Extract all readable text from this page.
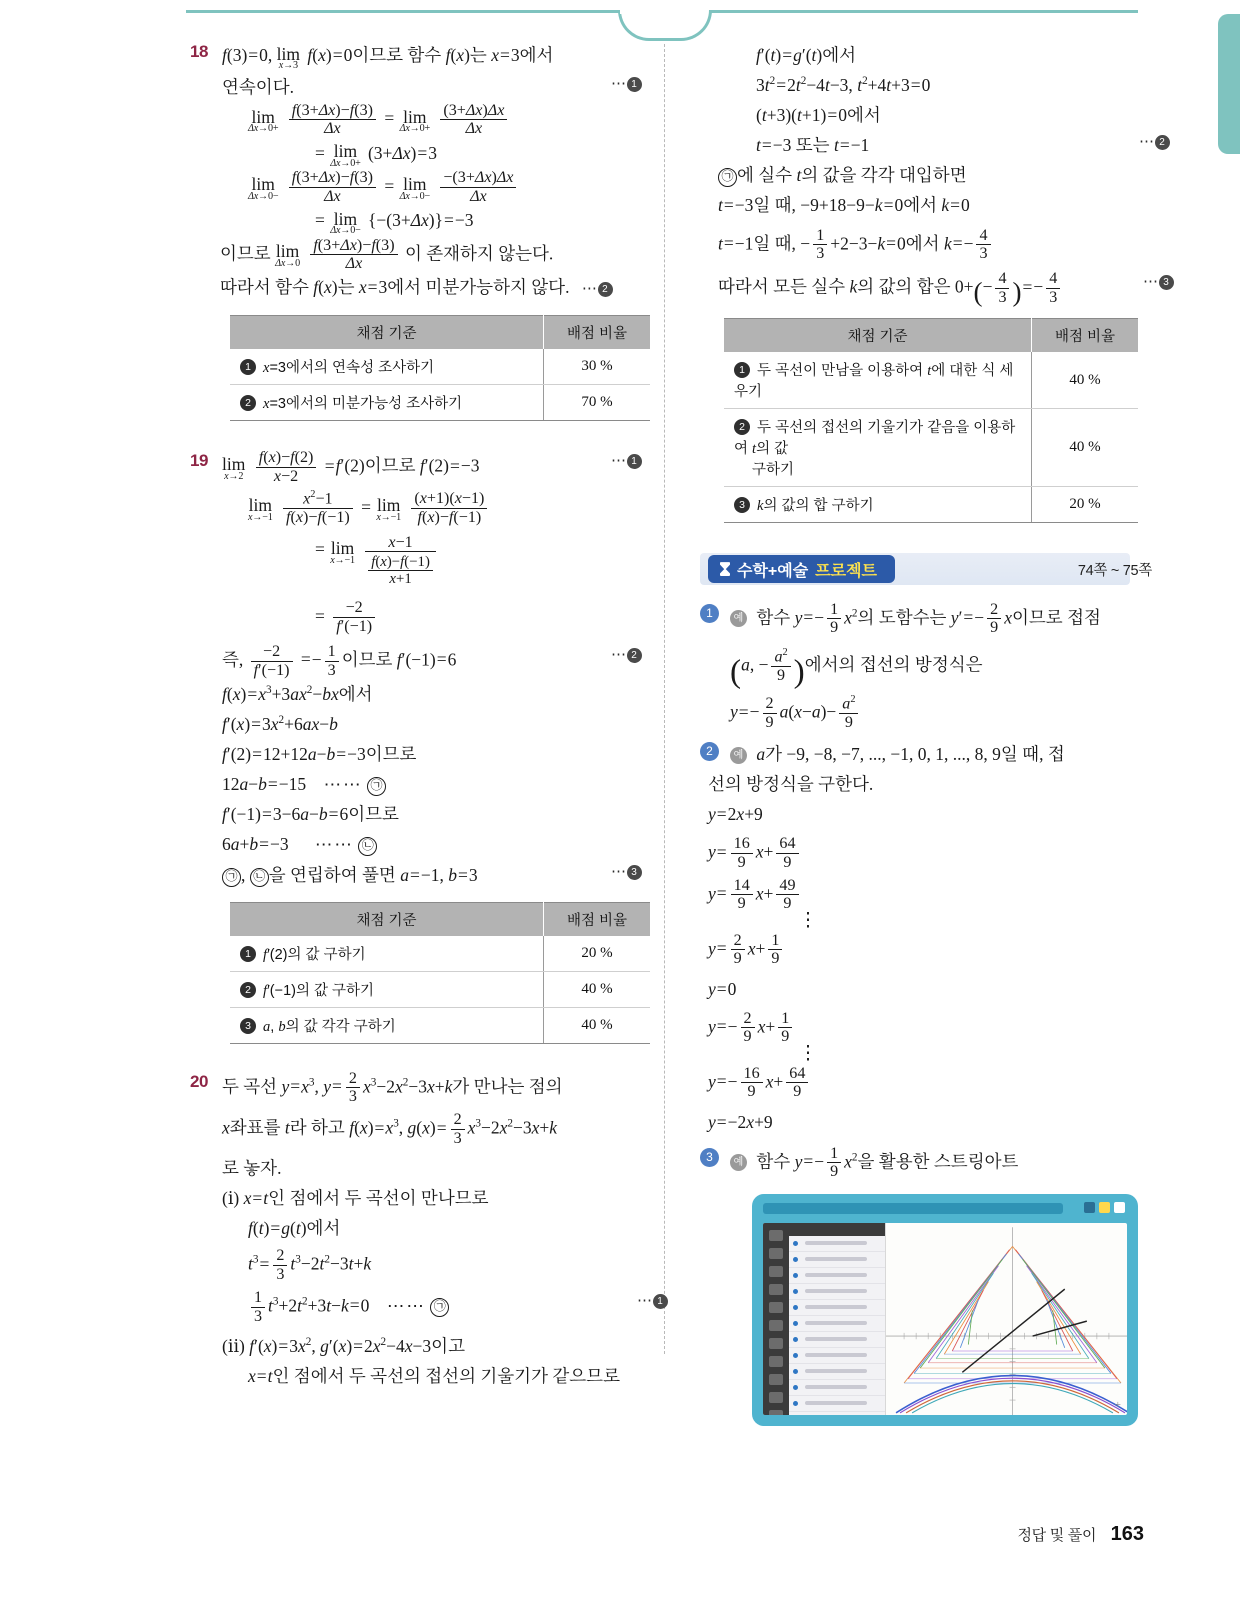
18 f(3)=0, lim
x→3
f(x)=0이므로 함수 f(x)는 x=3에서
연속이다.	⋯ 1
lim
Δx→0+
$\frac{f(3+\Delta x)-f(3)}{\Delta x} = \lim$
Δx→0+
$\frac{(3+\Delta x)\Delta x}{\Delta x}$
= lim
Δx→0+
(3+Δx)=3
lim
Δx→0−
$\frac{f(3+\Delta x)-f(3)}{\Delta x} = \lim$
Δx→0−
$\frac{-(3+\Delta x)\Delta x}{\Delta x}$
= lim
Δx→0−
{−(3+Δx)}=−3
이므로 lim
Δx→0
$\frac{f(3+\Delta x)-f(3)}{\Delta x}$ 이 존재하지 않는다.
따라서 함수 f(x)는 x=3에서 미분가능하지 않다. ⋯ 2
채점 기준	배점 비율
1 x=3에서의 연속성 조사하기	30 %
2 x=3에서의 미분가능성 조사하기	70 %
19 lim
x→2
$\frac{f(x)-f(2)}{x-2} =f'(2)$이므로 f′(2)=−3	⋯ 1
lim
x→−1
$\frac{x^2-1}{f(x)-f(-1)} = \lim$
x→−1
$\frac{(x+1)(x-1)}{f(x)-f(-1)}$
= lim
x→−1
$\frac{x-1}{\frac{f(x)-f(-1)}{x+1}}$
= $\frac{-2}{f'(-1)}$
즉, $\frac{-2}{f'(-1)} =- \frac{1}{3}$ 이므로 f′(−1)=6	⋯ 2
$f(x)=x^3+3ax^2-bx$에서
$f'(x)=3x^2+6ax-b$
f′(2)=12+12a−b=−3이므로
12a−b=−15    ⋯⋯ ㉠
f′(−1)=3−6a−b=6이므로
6a+b=−3      ⋯⋯ ㉡
㉠ , ㉡ 을 연립하여 풀면 a=−1, b=3	⋯ 3
채점 기준	배점 비율
1 f′(2)의 값 구하기	20 %
2 f′(−1)의 값 구하기	40 %
3 a, b의 값 각각 구하기	40 %
20 두 곡선 $y=x^3$, $y= \frac{2}{3} x^3-2x^2-3x+k$가 만나는 점의
x좌표를 t라 하고 $f(x)=x^3$, $g(x)= \frac{2}{3} x^3-2x^2-3x+k$
로 놓자.
(ⅰ) x=t인 점에서 두 곡선이 만나므로
f(t)=g(t)에서
$t^3= \frac{2}{3} t^3-2t^2-3t+k$
$\frac{1}{3} t^3+2t^2+3t-k=0$    ⋯⋯ ㉠	⋯ 1
(ⅱ) $f'(x)=3x^2$, $g'(x)=2x^2-4x-3$이고
x=t인 점에서 두 곡선의 접선의 기울기가 같으므로
f′(t)=g′(t)에서
$3t^2=2t^2-4t-3$, $t^2+4t+3=0$
(t+3)(t+1)=0에서
t=−3 또는 t=−1	⋯ 2
㉠ 에 실수 t의 값을 각각 대입하면
t=−3일 때, −9+18−9−k=0에서 k=0
t=−1일 때, − $\frac{1}{3} +2-3-k=0$에서 $k=- \frac{4}{3}$
따라서 모든 실수 k의 값의 합은 $0+(- \frac{4}{3}$ )=− $\frac{4}{3}$	⋯ 3
채점 기준	배점 비율
1 두 곡선이 만남을 이용하여 t에 대한 식 세우기	40 %
2 두 곡선의 접선의 기울기가 같음을 이용하여 t의 값
구하기	40 %
3 k의 값의 합 구하기	20 %
수학+예술 프로젝트	74쪽 ~ 75쪽
1	예 함수 $y=- \frac{1}{9} x^2$의 도함수는 $y'=- \frac{2}{9}$ x이므로 접점
(a, − $\frac{a^2}{9}$ )에서의 접선의 방정식은
$y=- \frac{2}{9} a(x-a)- \frac{a^2}{9}$
2	예 a가 −9, −8, −7, ..., −1, 0, 1, ..., 8, 9일 때, 접
선의 방정식을 구한다.
y=2x+9
$y= \frac{16}{9} x+ \frac{64}{9}$
$y= \frac{14}{9} x+ \frac{49}{9}$
⋮
$y= \frac{2}{9} x+ \frac{1}{9}$
y=0
$y=- \frac{2}{9} x+ \frac{1}{9}$
⋮
$y=- \frac{16}{9} x+ \frac{64}{9}$
y=−2x+9
3	예 함수 $y=- \frac{1}{9} x^2$을 활용한 스트링아트
+
정답 및 풀이 163
